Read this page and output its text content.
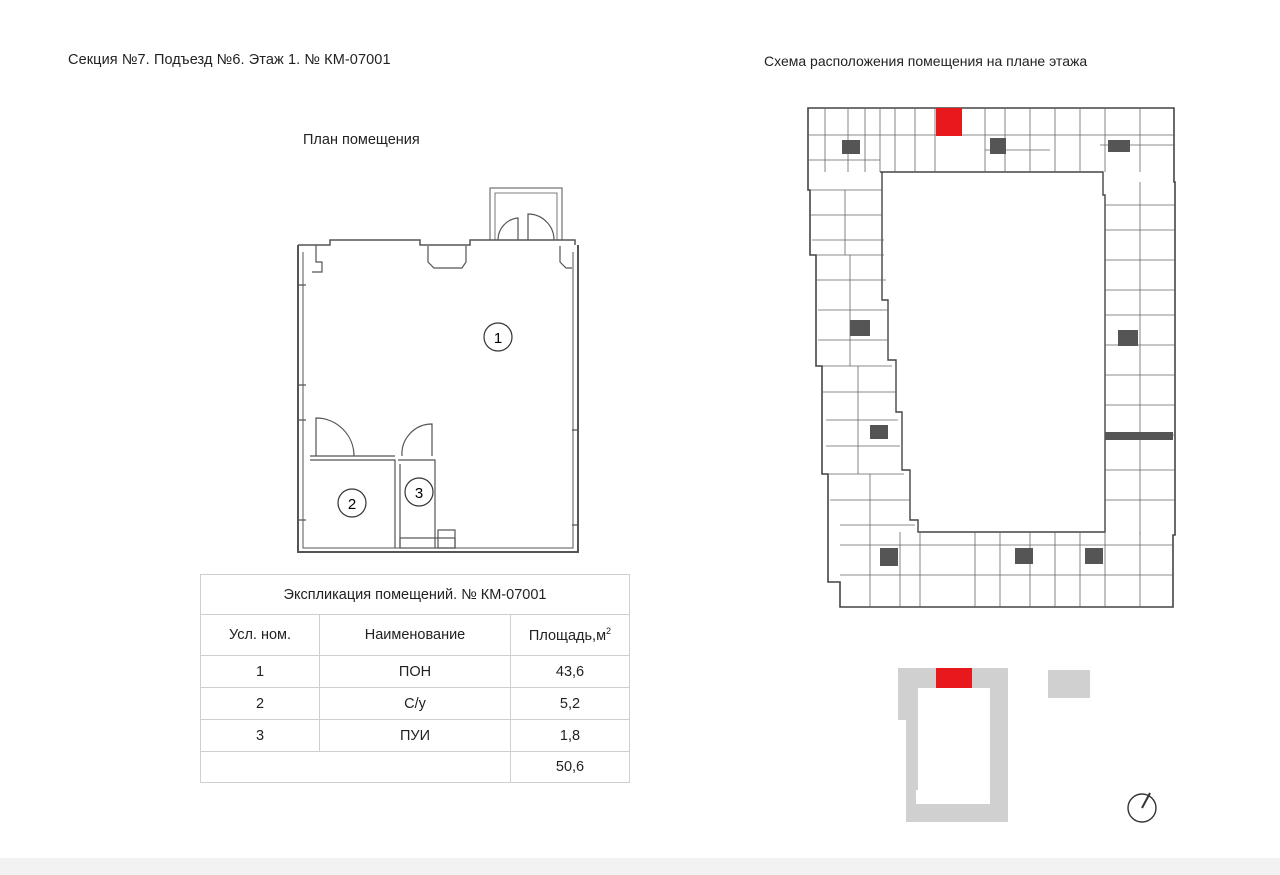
Секция №7. Подъезд №6. Этаж 1. № КМ-07001	Схема расположения помещения на плане этажа
План помещения
1
2
3
Экспликация помещений. № КМ-07001		
Усл. ном.	Наименование	$Площадь,м^2$
1	ПОН	43,6
2	С/у	5,2
3	ПУИ	1,8
		50,6
